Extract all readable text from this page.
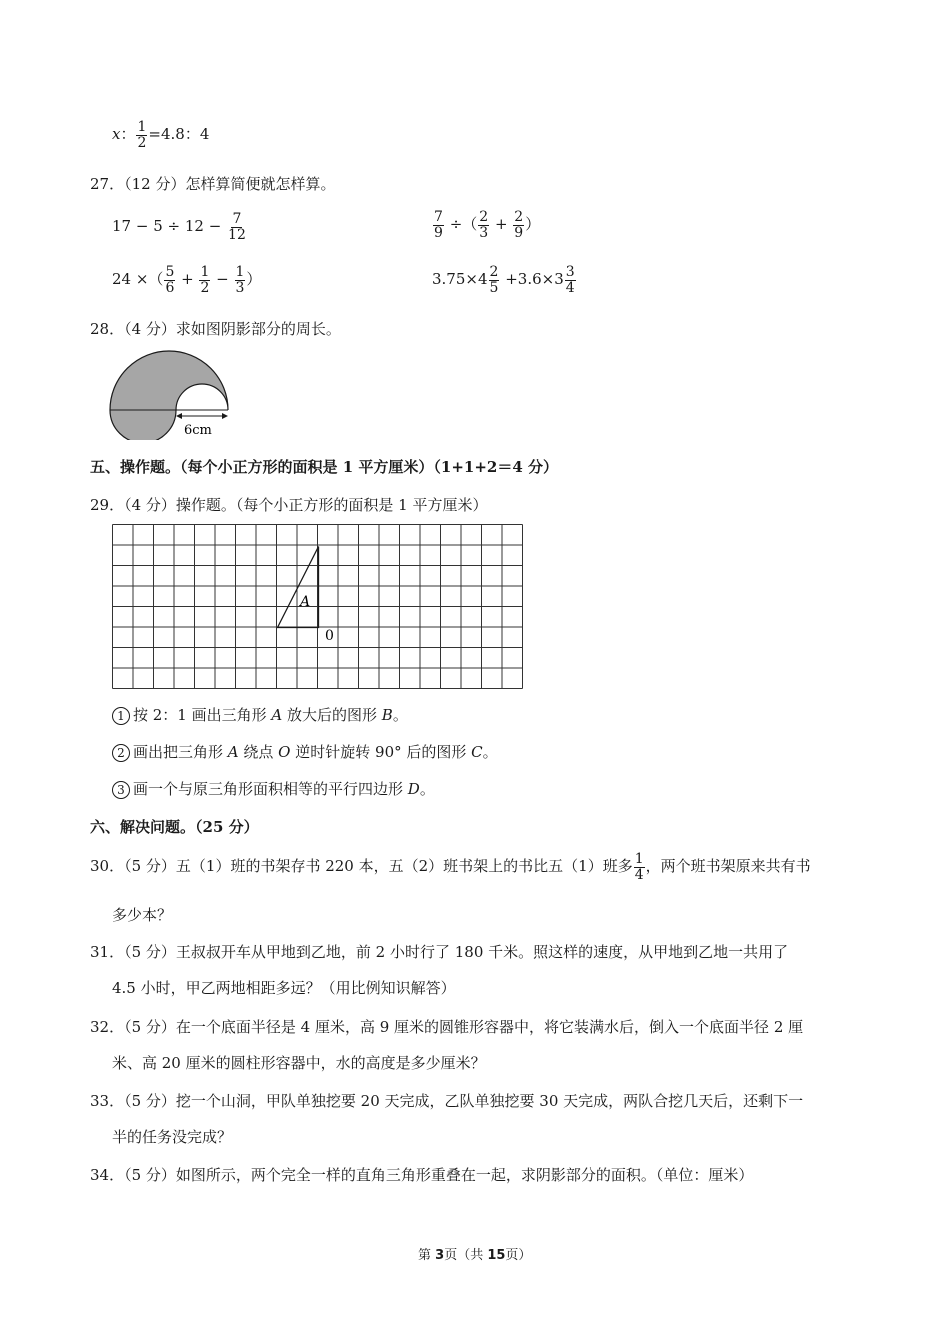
x： $\frac{1}{2} =4.8$：4
27．（12 分）怎样算简便就怎样算。
$17 - 5 \div 12 - \frac{7}{12}$	$\frac{7}{9}$ ÷（ $\frac{2}{3} + \frac{2}{9}$ ）
24 ×（ $\frac{5}{6} + \frac{1}{2} - \frac{1}{3}$ ）	$3.75\times 4 \frac{2}{5} +3.6\times 3 \frac{3}{4}$
28．（4 分）求如图阴影部分的周长。
6cm
五、操作题。（每个小正方形的面积是 1 平方厘米）（1+1+2＝4 分）
29．（4 分）操作题。（每个小正方形的面积是 1 平方厘米）
A
0
1 按 2：1 画出三角形 A 放大后的图形 B。
2 画出把三角形 A 绕点 O 逆时针旋转 90° 后的图形 C。
3 画一个与原三角形面积相等的平行四边形 D。
六、解决问题。（25 分）
30．（5 分）五（1）班的书架存书 220 本，五（2）班书架上的书比五（1）班多 $\frac{1}{4}$ ，两个班书架原来共有书
多少本？
31．（5 分）王叔叔开车从甲地到乙地，前 2 小时行了 180 千米。照这样的速度，从甲地到乙地一共用了
4.5 小时，甲乙两地相距多远？（用比例知识解答）
32．（5 分）在一个底面半径是 4 厘米，高 9 厘米的圆锥形容器中，将它装满水后，倒入一个底面半径 2 厘
米、高 20 厘米的圆柱形容器中，水的高度是多少厘米？
33．（5 分）挖一个山洞，甲队单独挖要 20 天完成，乙队单独挖要 30 天完成，两队合挖几天后，还剩下一
半的任务没完成？
34．（5 分）如图所示，两个完全一样的直角三角形重叠在一起，求阴影部分的面积。（单位：厘米）
第 3页（共 15页）
